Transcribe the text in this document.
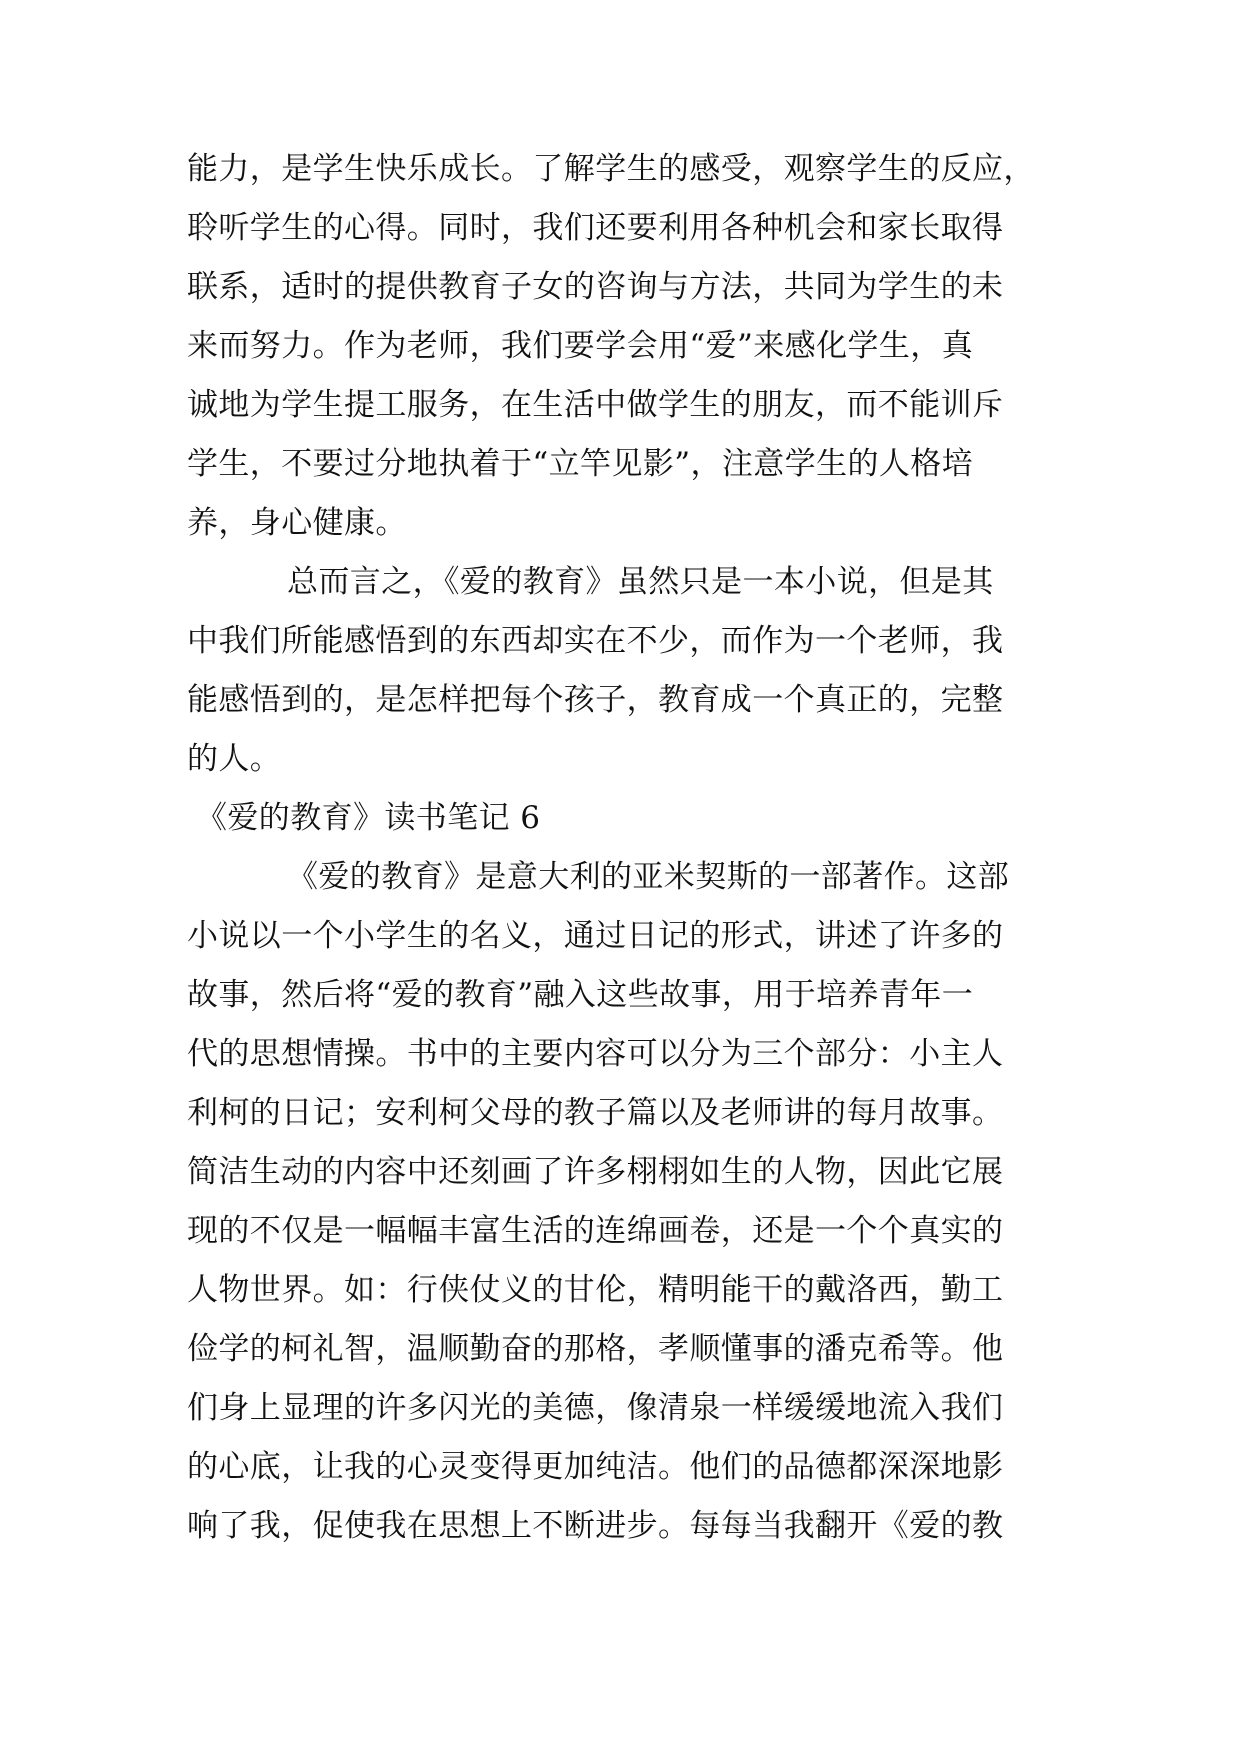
能力，是学生快乐成长。了解学生的感受，观察学生的反应，
聆听学生的心得。同时，我们还要利用各种机会和家长取得
联系，适时的提供教育子女的咨询与方法，共同为学生的未
来而努力。作为老师，我们要学会用“爱”来感化学生，真
诚地为学生提工服务，在生活中做学生的朋友，而不能训斥
学生，不要过分地执着于“立竿见影”，注意学生的人格培
养，身心健康。
总而言之，《爱的教育》虽然只是一本小说，但是其
中我们所能感悟到的东西却实在不少，而作为一个老师，我
能感悟到的，是怎样把每个孩子，教育成一个真正的，完整
的人。
《爱的教育》读书笔记 6
《爱的教育》是意大利的亚米契斯的一部著作。这部
小说以一个小学生的名义，通过日记的形式，讲述了许多的
故事，然后将“爱的教育”融入这些故事，用于培养青年一
代的思想情操。书中的主要内容可以分为三个部分：小主人
利柯的日记；安利柯父母的教子篇以及老师讲的每月故事。
简洁生动的内容中还刻画了许多栩栩如生的人物，因此它展
现的不仅是一幅幅丰富生活的连绵画卷，还是一个个真实的
人物世界。如：行侠仗义的甘伦，精明能干的戴洛西，勤工
俭学的柯礼智，温顺勤奋的那格，孝顺懂事的潘克希等。他
们身上显理的许多闪光的美德，像清泉一样缓缓地流入我们
的心底，让我的心灵变得更加纯洁。他们的品德都深深地影
响了我，促使我在思想上不断进步。每每当我翻开《爱的教
